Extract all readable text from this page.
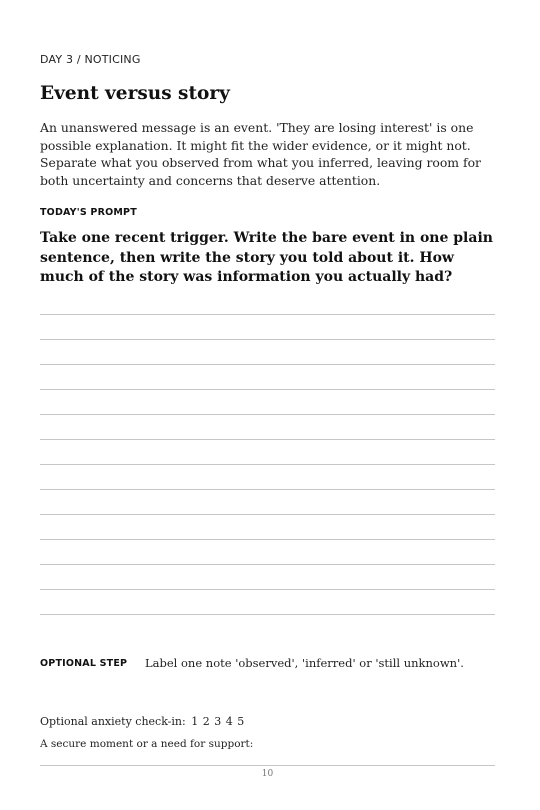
DAY 3 / NOTICING
Event versus story

An unanswered message is an event. 'They are losing interest' is one possible explanation. It might fit the wider evidence, or it might not. Separate what you observed from what you inferred, leaving room for both uncertainty and concerns that deserve attention.

TODAY'S PROMPT

Take one recent trigger. Write the bare event in one plain sentence, then write the story you told about it. How much of the story was information you actually had?

OPTIONAL STEP Label one note 'observed', 'inferred' or 'still unknown'.
Optional anxiety check-in: 1 2 3 4 5
A secure moment or a need for support:
10
